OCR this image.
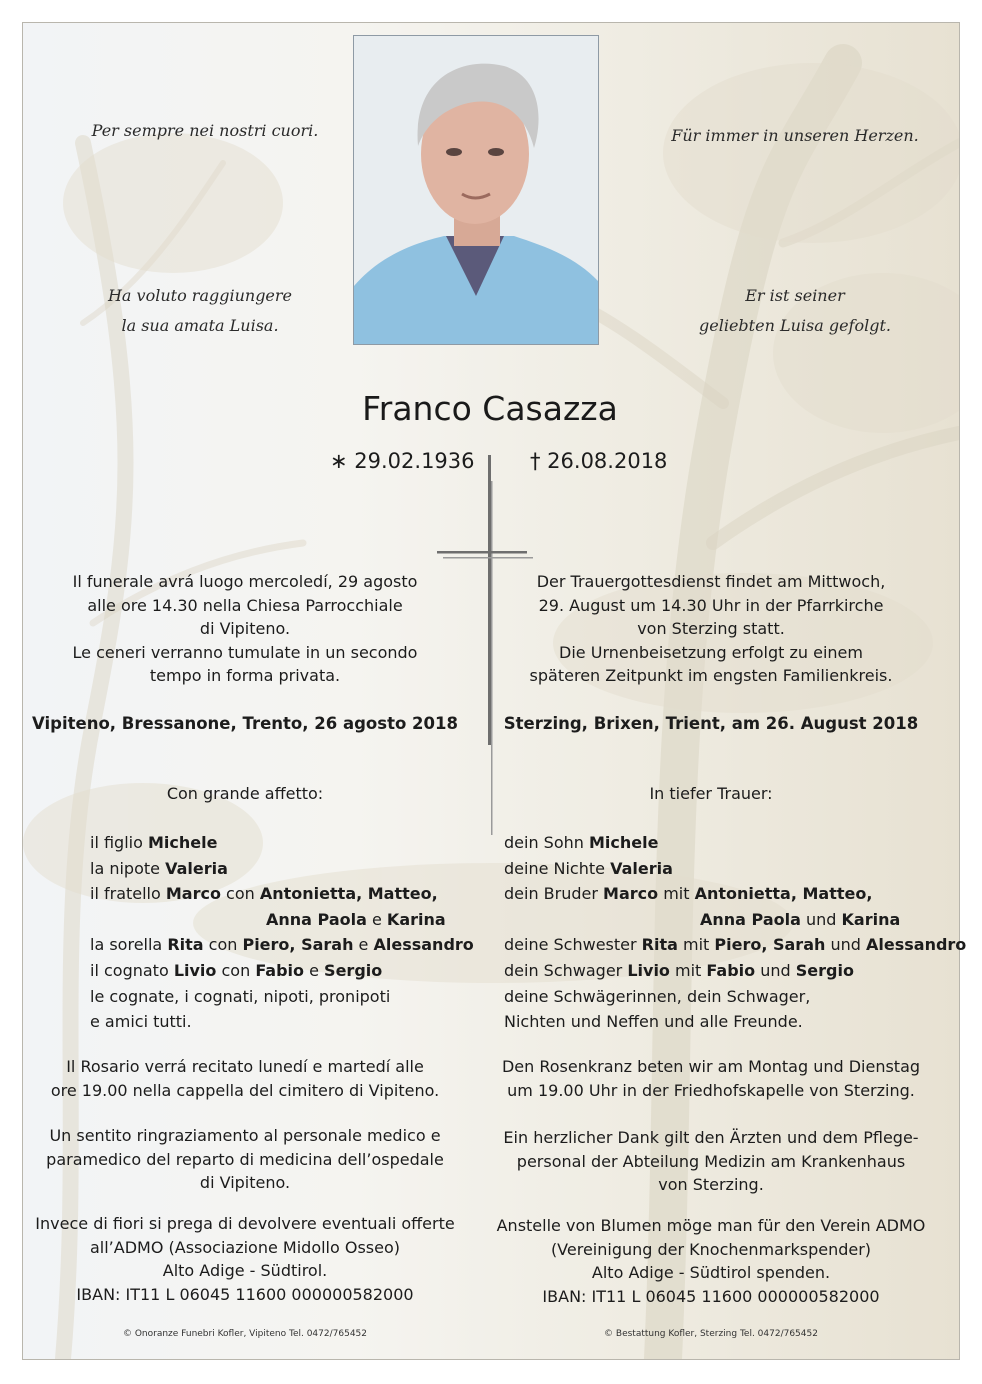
Per sempre nei nostri cuori.	Für immer in unseren Herzen.
Ha voluto raggiungere
la sua amata Luisa.
Er ist seiner
geliebten Luisa gefolgt.
Franco Casazza
∗ 29.02.1936	† 26.08.2018
Il funerale avrá luogo mercoledí, 29 agosto
alle ore 14.30 nella Chiesa Parrocchiale
di Vipiteno.
Le ceneri verranno tumulate in un secondo
tempo in forma privata.
Vipiteno, Bressanone, Trento, 26 agosto 2018
Con grande affetto:
il figlio Michele
la nipote Valeria
il fratello Marco con Antonietta, Matteo,
Anna Paola e Karina
la sorella Rita con Piero, Sarah e Alessandro
il cognato Livio con Fabio e Sergio
le cognate, i cognati, nipoti, pronipoti
e amici tutti.
Il Rosario verrá recitato lunedí e martedí alle
ore 19.00 nella cappella del cimitero di Vipiteno.
Un sentito ringraziamento al personale medico e
paramedico del reparto di medicina dell’ospedale
di Vipiteno.
Invece di fiori si prega di devolvere eventuali offerte
all’ADMO (Associazione Midollo Osseo)
Alto Adige - Südtirol.
IBAN: IT11 L 06045 11600 000000582000
© Onoranze Funebri Kofler, Vipiteno Tel. 0472/765452
Der Trauergottesdienst findet am Mittwoch,
29. August um 14.30 Uhr in der Pfarrkirche
von Sterzing statt.
Die Urnenbeisetzung erfolgt zu einem
späteren Zeitpunkt im engsten Familienkreis.
Sterzing, Brixen, Trient, am 26. August 2018
In tiefer Trauer:
dein Sohn Michele
deine Nichte Valeria
dein Bruder Marco mit Antonietta, Matteo,
Anna Paola und Karina
deine Schwester Rita mit Piero, Sarah und Alessandro
dein Schwager Livio mit Fabio und Sergio
deine Schwägerinnen, dein Schwager,
Nichten und Neffen und alle Freunde.
Den Rosenkranz beten wir am Montag und Dienstag
um 19.00 Uhr in der Friedhofskapelle von Sterzing.
Ein herzlicher Dank gilt den Ärzten und dem Pflege-
personal der Abteilung Medizin am Krankenhaus
von Sterzing.
Anstelle von Blumen möge man für den Verein ADMO
(Vereinigung der Knochenmarkspender)
Alto Adige - Südtirol spenden.
IBAN: IT11 L 06045 11600 000000582000
© Bestattung Kofler, Sterzing Tel. 0472/765452
